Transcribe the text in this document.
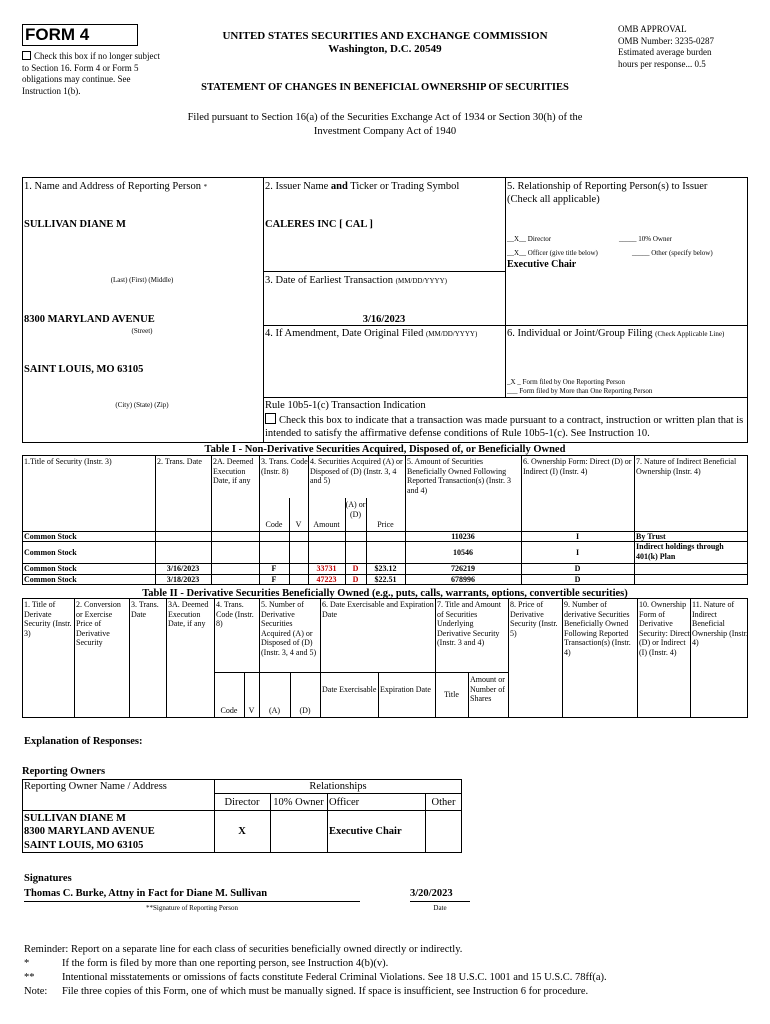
FORM 4
Check this box if no longer subject to Section 16. Form 4 or Form 5 obligations may continue. See Instruction 1(b).
UNITED STATES SECURITIES AND EXCHANGE COMMISSION
Washington, D.C. 20549
STATEMENT OF CHANGES IN BENEFICIAL OWNERSHIP OF SECURITIES
OMB APPROVAL
OMB Number: 3235-0287
Estimated average burden
hours per response... 0.5
Filed pursuant to Section 16(a) of the Securities Exchange Act of 1934 or Section 30(h) of the
Investment Company Act of 1940
1. Name and Address of Reporting Person *
SULLIVAN DIANE M
(Last) (First) (Middle)
8300 MARYLAND AVENUE
(Street)
SAINT LOUIS, MO 63105
(City) (State) (Zip)
2. Issuer Name and Ticker or Trading Symbol
CALERES INC [ CAL ]
3. Date of Earliest Transaction (MM/DD/YYYY)
3/16/2023
4. If Amendment, Date Original Filed (MM/DD/YYYY)
5. Relationship of Reporting Person(s) to Issuer
(Check all applicable)
__X__ Director	_____ 10% Owner
__X__ Officer (give title below)	_____ Other (specify below)
Executive Chair
6. Individual or Joint/Group Filing (Check Applicable Line)
_X _ Form filed by One Reporting Person
___ Form filed by More than One Reporting Person
Rule 10b5-1(c) Transaction Indication
Check this box to indicate that a transaction was made pursuant to a contract, instruction or written plan that is intended to satisfy the affirmative defense conditions of Rule 10b5-1(c). See Instruction 10.
Table I - Non-Derivative Securities Acquired, Disposed of, or Beneficially Owned
1.Title of Security (Instr. 3)	2. Trans. Date	2A. Deemed Execution Date, if any
3. Trans. Code (Instr. 8)
4. Securities Acquired (A) or Disposed of (D) (Instr. 3, 4 and 5)
5. Amount of Securities Beneficially Owned Following Reported Transaction(s) (Instr. 3 and 4)
6. Ownership Form: Direct (D) or Indirect (I) (Instr. 4)
7. Nature of Indirect Beneficial Ownership (Instr. 4)
Code	V	Amount
(A) or (D)
Price
Common Stock	110236	I	By Trust
Common Stock	10546	I
Indirect holdings through 401(k) Plan
Common Stock	3/16/2023	F	33731	D	$23.12	726219	D
Common Stock	3/18/2023	F	47223	D	$22.51	678996	D
Table II - Derivative Securities Beneficially Owned (e.g., puts, calls, warrants, options, convertible securities)
1. Title of Derivate Security (Instr. 3)
2. Conversion or Exercise Price of Derivative Security
3. Trans. Date
3A. Deemed Execution Date, if any
4. Trans. Code (Instr. 8)
5. Number of Derivative Securities Acquired (A) or Disposed of (D) (Instr. 3, 4 and 5)
6. Date Exercisable and Expiration Date
7. Title and Amount of Securities Underlying Derivative Security (Instr. 3 and 4)
8. Price of Derivative Security (Instr. 5)
9. Number of derivative Securities Beneficially Owned Following Reported Transaction(s) (Instr. 4)
10. Ownership Form of Derivative Security: Direct (D) or Indirect (I) (Instr. 4)
11. Nature of Indirect Beneficial Ownership (Instr. 4)
Code	V	(A)	(D)
Date Exercisable Expiration Date
Title
Amount or Number of Shares
Explanation of Responses:
Reporting Owners
Reporting Owner Name / Address	Relationships
Director	10% Owner Officer	Other
SULLIVAN DIANE M
8300 MARYLAND AVENUE
SAINT LOUIS, MO 63105
X	Executive Chair
Signatures
Thomas C. Burke, Attny in Fact for Diane M. Sullivan	3/20/2023
**Signature of Reporting Person	Date
Reminder: Report on a separate line for each class of securities beneficially owned directly or indirectly.
*	If the form is filed by more than one reporting person, see Instruction 4(b)(v).
**	Intentional misstatements or omissions of facts constitute Federal Criminal Violations. See 18 U.S.C. 1001 and 15 U.S.C. 78ff(a).
Note: File three copies of this Form, one of which must be manually signed. If space is insufficient, see Instruction 6 for procedure.
